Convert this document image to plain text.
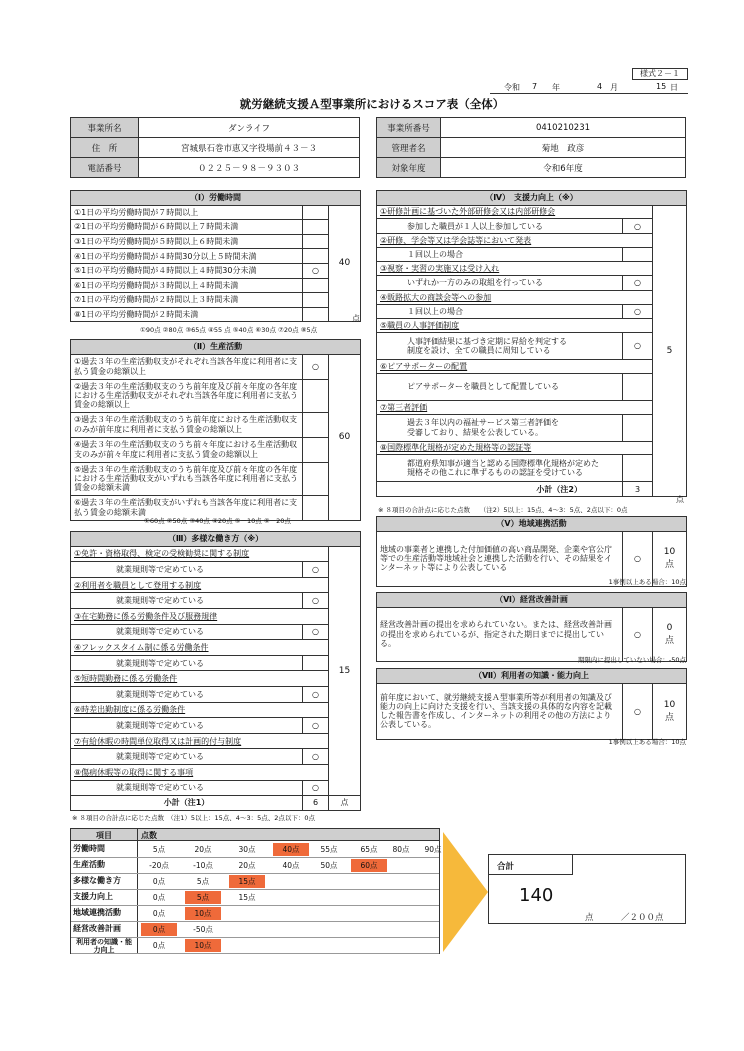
様式２－１
令和 7 年	4 月	15 日
就労継続支援Ａ型事業所におけるスコア表（全体）
事業所名	ダンライフ
住　所	宮城県石巻市恵又字役場前４３－３
電話番号	０２２５－９８－９３０３
事業所番号	0410210231
管理者名	菊地　政彦
対象年度	令和6年度
（Ⅰ）労働時間		
①1日の平均労働時間が７時間以上		40
②1日の平均労働時間が６時間以上７時間未満		
③1日の平均労働時間が５時間以上６時間未満		
④1日の平均労働時間が４時間30分以上５時間未満		
⑤1日の平均労働時間が４時間以上４時間30分未満	○	
⑥1日の平均労働時間が３時間以上４時間未満		
⑦1日の平均労働時間が２時間以上３時間未満		
⑧1日の平均労働時間が２時間未満			点
①90点 ②80点 ③65点 ④55 点 ⑤40点 ⑥30点 ⑦20点 ⑧5点
（Ⅱ）生産活動		
①過去３年の生産活動収支がそれぞれ当該各年度に利用者に支払う賃金の総額以上	○	60
②過去３年の生産活動収支のうち前年度及び前々年度の各年度における生産活動収支がそれぞれ当該各年度に利用者に支払う賃金の総額以上		
③過去３年の生産活動収支のうち前年度における生産活動収支のみが前年度に利用者に支払う賃金の総額以上		
④過去３年の生産活動収支のうち前々年度における生産活動収支のみが前々年度に利用者に支払う賃金の総額以上		
⑤過去３年の生産活動収支のうち前年度及び前々年度の各年度における生産活動収支がいずれも当該各年度に利用者に支払う賃金の総額未満		
⑥過去３年の生産活動収支がいずれも当該各年度に利用者に支払う賃金の総額未満		
①60点 ②50点 ③40点 ④20点 ⑤－10点 ⑥－20点
（Ⅲ）多様な働き方（※）			
①免許・資格取得、検定の受検勧奨に関する制度		15	
就業規則等で定めている	○		
②利用者を職員として登用する制度			
就業規則等で定めている	○		
③在宅勤務に係る労働条件及び服務規律			
就業規則等で定めている	○		
④フレックスタイム制に係る労働条件			
就業規則等で定めている			
⑤短時間勤務に係る労働条件			
就業規則等で定めている	○		
⑥時差出勤制度に係る労働条件			
就業規則等で定めている	○		
⑦有給休暇の時間単位取得又は計画的付与制度			
就業規則等で定めている	○		
⑧傷病休暇等の取得に関する事項			
就業規則等で定めている	○		
小計（注1）	6	点	
※ ８項目の合計点に応じた点数　（注1）5以上：15点、4～3：5点、2点以下：0点
（Ⅳ）　支援力向上（※）		
①研修計画に基づいた外部研修会又は内部研修会		5
参加した職員が１人以上参加している	○	
②研修、学会等又は学会誌等において発表		
１回以上の場合		
③視察・実習の実施又は受け入れ		
いずれか一方のみの取組を行っている	○	
④販路拡大の商談会等への参加		
１回以上の場合	○	
⑤職員の人事評価制度		

人事評価結果に基づき定期に昇給を判定する
制度を設け、全ての職員に周知している	○	
⑥ピアサポーターの配置		
ピアサポーターを職員として配置している		
⑦第三者評価		

過去３年以内の福祉サービス第三者評価を
受審しており、結果を公表している。		

⑧国際標準化規格が定めた規格等の認証等		

都道府県知事が適当と認める国際標準化規格が定めた
規格その他これに準ずるものの認証を受けている		

小計（注2）	3	
点
※ ８項目の合計点に応じた点数　　（注2）5以上：15点、4～3：5点、2点以下：0点
（Ⅴ）地域連携活動
地域の事業者と連携した付加価値の高い商品開発、企業や官公庁等での生産活動等地域社会と連携した活動を行い、その結果をインターネット等により公表している	○	10
点
1事例以上ある場合：10点
（Ⅵ）経営改善計画
経営改善計画の提出を求められていない。または、経営改善計画の提出を求められているが、指定された期日までに提出している。	○	0
点
期限内に提出していない場合：-50点
（Ⅶ）利用者の知識・能力向上
前年度において、就労継続支援Ａ型事業所等が利用者の知識及び能力の向上に向けた支援を行い、当該支援の具体的な内容を記載した報告書を作成し、インターネットの利用その他の方法により公表している。	○	10
点
1事例以上ある場合：10点
項目	点数
労働時間	5点	20点	30点	40点	55点	65点	80点	90点
生産活動	-20点	-10点	20点	40点	50点	60点
多様な働き方	0点	5点	15点
支援力向上	0点	5点	15点
地域連携活動	0点	10点
経営改善計画	0点	-50点
利用者の知識・能力向上	0点	10点
合計
140
点	／２００点
